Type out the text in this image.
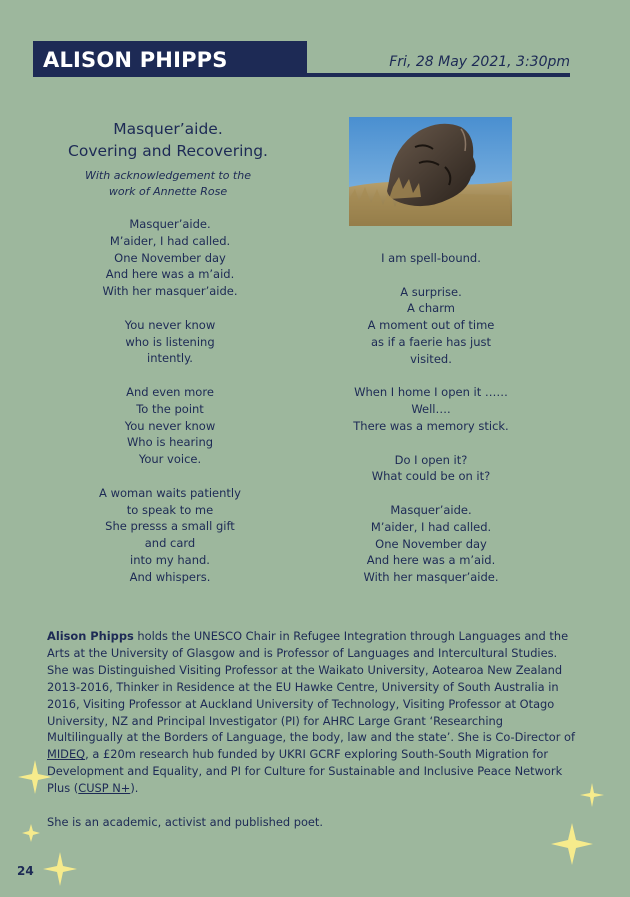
ALISON PHIPPS	Fri, 28 May 2021, 3:30pm
Masquer’aide.
Covering and Recovering.
With acknowledgement to the
work of Annette Rose
Masquer’aide.
M’aider, I had called.
One November day
And here was a m’aid.
With her masquer’aide.
You never know
who is listening
intently.
And even more
To the point
You never know
Who is hearing
Your voice.
A woman waits patiently
to speak to me
She presss a small gift
and card
into my hand.
And whispers.
I am spell-bound.
A surprise.
A charm
A moment out of time
as if a faerie has just
visited.
When I home I open it ……
Well….
There was a memory stick.
Do I open it?
What could be on it?
Masquer’aide.
M’aider, I had called.
One November day
And here was a m’aid.
With her masquer’aide.

Alison Phipps holds the UNESCO Chair in Refugee Integration through Languages and the Arts at the University of Glasgow and is Professor of Languages and Intercultural Studies. She was Distinguished Visiting Professor at the Waikato University, Aotearoa New Zealand 2013-2016, Thinker in Residence at the EU Hawke Centre, University of South Australia in 2016, Visiting Professor at Auckland University of Technology, Visiting Professor at Otago University, NZ and Principal Investigator (PI) for AHRC Large Grant ‘Researching Multilingually at the Borders of Language, the body, law and the state’. She is Co-Director of MIDEQ, a £20m research hub funded by UKRI GCRF exploring South-South Migration for Development and Equality, and PI for Culture for Sustainable and Inclusive Peace Network Plus (CUSP N+).

She is an academic, activist and published poet.

24
